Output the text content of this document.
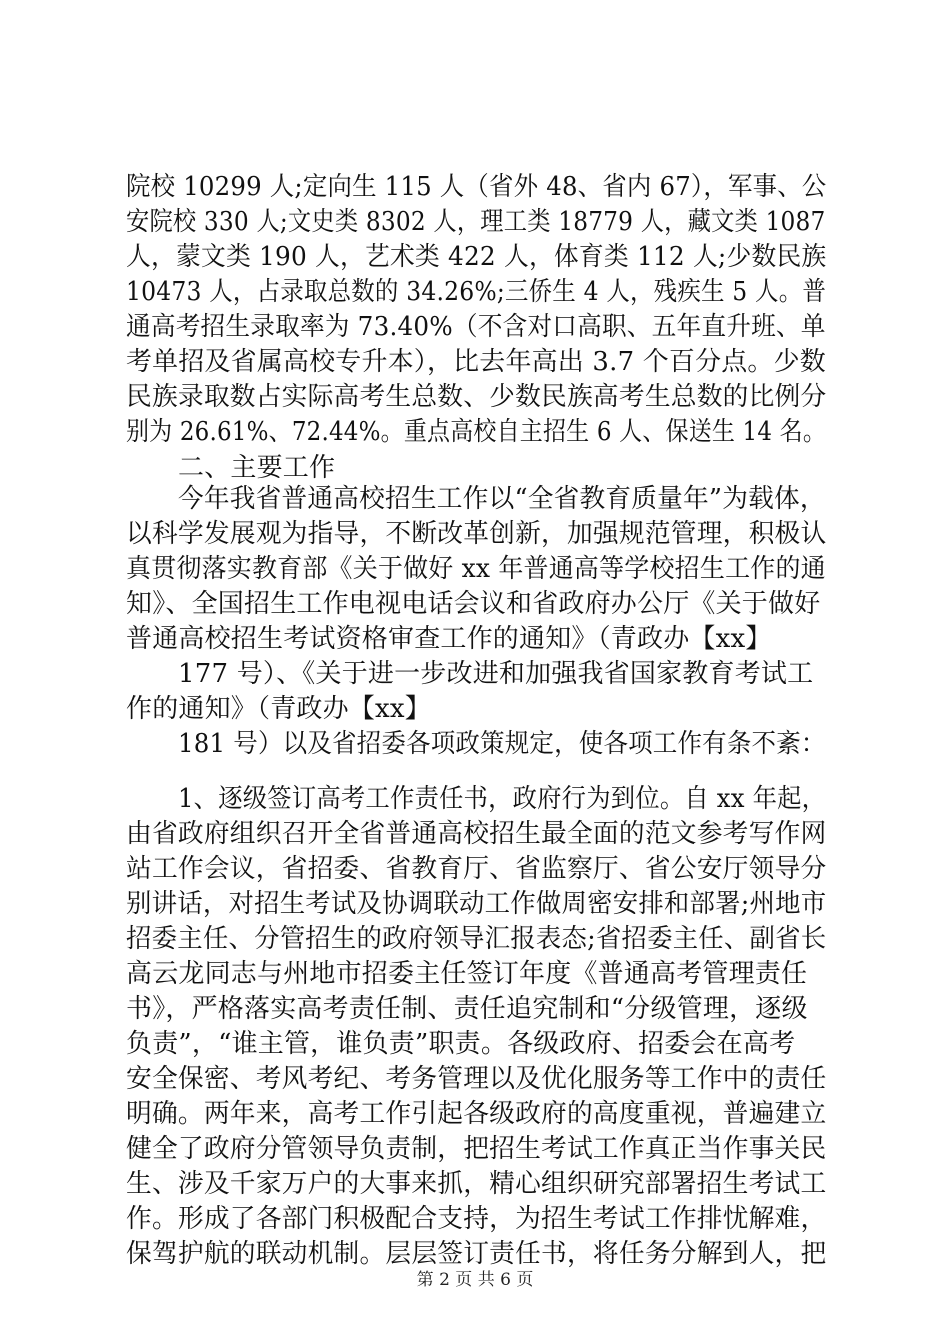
院校 10299 人;定向生 115 人（省外 48、省内 67），军事、公
安院校 330 人;文史类 8302 人，理工类 18779 人，藏文类 1087
人，蒙文类 190 人，艺术类 422 人，体育类 112 人;少数民族
10473 人，占录取总数的 34.26%;三侨生 4 人，残疾生 5 人。普
通高考招生录取率为 73.40%（不含对口高职、五年直升班、单
考单招及省属高校专升本），比去年高出 3.7 个百分点。少数
民族录取数占实际高考生总数、少数民族高考生总数的比例分
别为 26.61%、72.44%。重点高校自主招生 6 人、保送生 14 名。
二、主要工作
今年我省普通高校招生工作以“全省教育质量年”为载体，
以科学发展观为指导，不断改革创新，加强规范管理，积极认
真贯彻落实教育部《关于做好 xx 年普通高等学校招生工作的通
知》、全国招生工作电视电话会议和省政府办公厅《关于做好
普通高校招生考试资格审查工作的通知》（青政办【xx】
177 号）、《关于进一步改进和加强我省国家教育考试工
作的通知》（青政办【xx】
181 号）以及省招委各项政策规定，使各项工作有条不紊：
1、逐级签订高考工作责任书，政府行为到位。自 xx 年起，
由省政府组织召开全省普通高校招生最全面的范文参考写作网
站工作会议，省招委、省教育厅、省监察厅、省公安厅领导分
别讲话，对招生考试及协调联动工作做周密安排和部署;州地市
招委主任、分管招生的政府领导汇报表态;省招委主任、副省长
高云龙同志与州地市招委主任签订年度《普通高考管理责任
书》，严格落实高考责任制、责任追究制和“分级管理，逐级
负责”，“谁主管，谁负责”职责。各级政府、招委会在高考
安全保密、考风考纪、考务管理以及优化服务等工作中的责任
明确。两年来，高考工作引起各级政府的高度重视，普遍建立
健全了政府分管领导负责制，把招生考试工作真正当作事关民
生、涉及千家万户的大事来抓，精心组织研究部署招生考试工
作。形成了各部门积极配合支持，为招生考试工作排忧解难，
保驾护航的联动机制。层层签订责任书，将任务分解到人，把
第 2 页 共 6 页
